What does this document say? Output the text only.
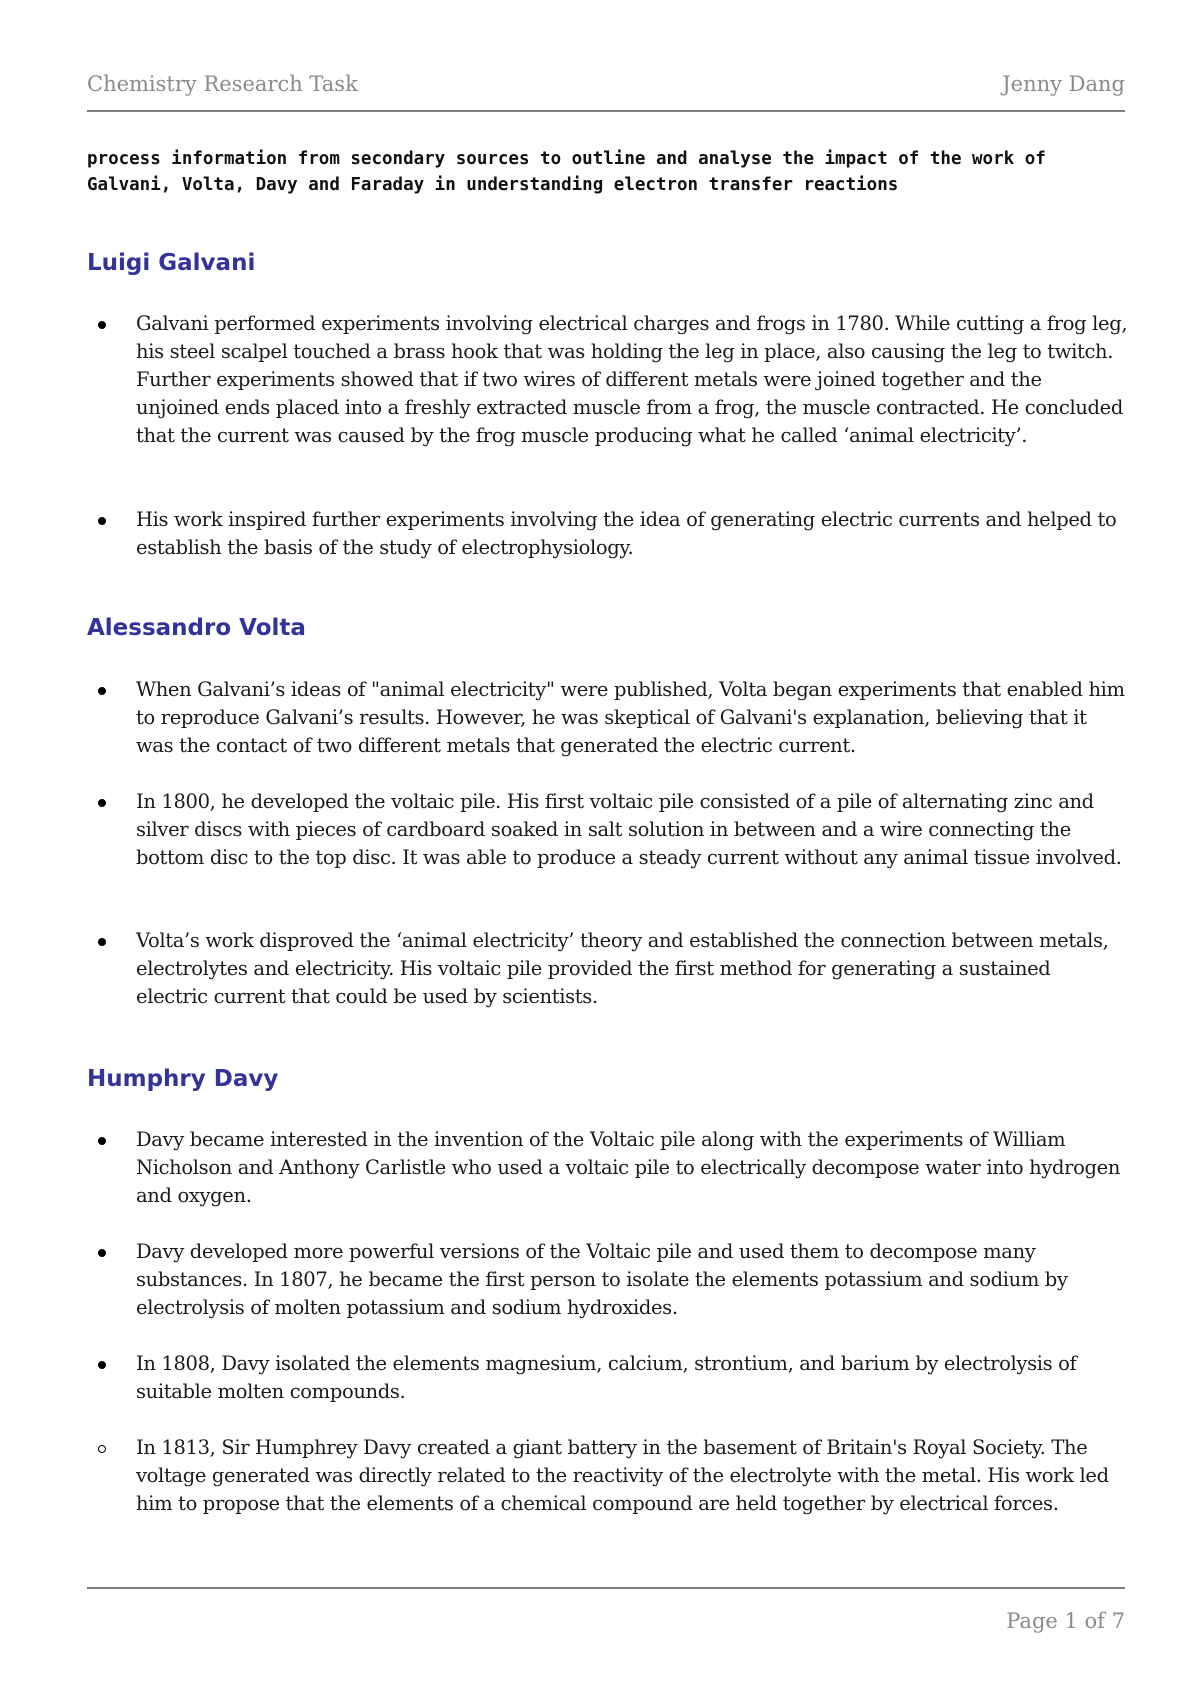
Chemistry Research Task	Jenny Dang

process information from secondary sources to outline and analyse the impact of the work of Galvani, Volta, Davy and Faraday in understanding electron transfer reactions

Luigi Galvani
Galvani performed experiments involving electrical charges and frogs in 1780. While cutting a frog leg, his steel scalpel touched a brass hook that was holding the leg in place, also causing the leg to twitch. Further experiments showed that if two wires of different metals were joined together and the unjoined ends placed into a freshly extracted muscle from a frog, the muscle contracted. He concluded that the current was caused by the frog muscle producing what he called ‘animal electricity’.
His work inspired further experiments involving the idea of generating electric currents and helped to establish the basis of the study of electrophysiology.
Alessandro Volta
When Galvani’s ideas of "animal electricity" were published, Volta began experiments that enabled him to reproduce Galvani’s results. However, he was skeptical of Galvani's explanation, believing that it was the contact of two different metals that generated the electric current.
In 1800, he developed the voltaic pile. His first voltaic pile consisted of a pile of alternating zinc and silver discs with pieces of cardboard soaked in salt solution in between and a wire connecting the bottom disc to the top disc. It was able to produce a steady current without any animal tissue involved.
Volta’s work disproved the ‘animal electricity’ theory and established the connection between metals, electrolytes and electricity. His voltaic pile provided the first method for generating a sustained electric current that could be used by scientists.
Humphry Davy
Davy became interested in the invention of the Voltaic pile along with the experiments of William Nicholson and Anthony Carlistle who used a voltaic pile to electrically decompose water into hydrogen and oxygen.
Davy developed more powerful versions of the Voltaic pile and used them to decompose many substances. In 1807, he became the first person to isolate the elements potassium and sodium by electrolysis of molten potassium and sodium hydroxides.
In 1808, Davy isolated the elements magnesium, calcium, strontium, and barium by electrolysis of suitable molten compounds.
In 1813, Sir Humphrey Davy created a giant battery in the basement of Britain's Royal Society. The voltage generated was directly related to the reactivity of the electrolyte with the metal. His work led him to propose that the elements of a chemical compound are held together by electrical forces.
Page 1 of 7
